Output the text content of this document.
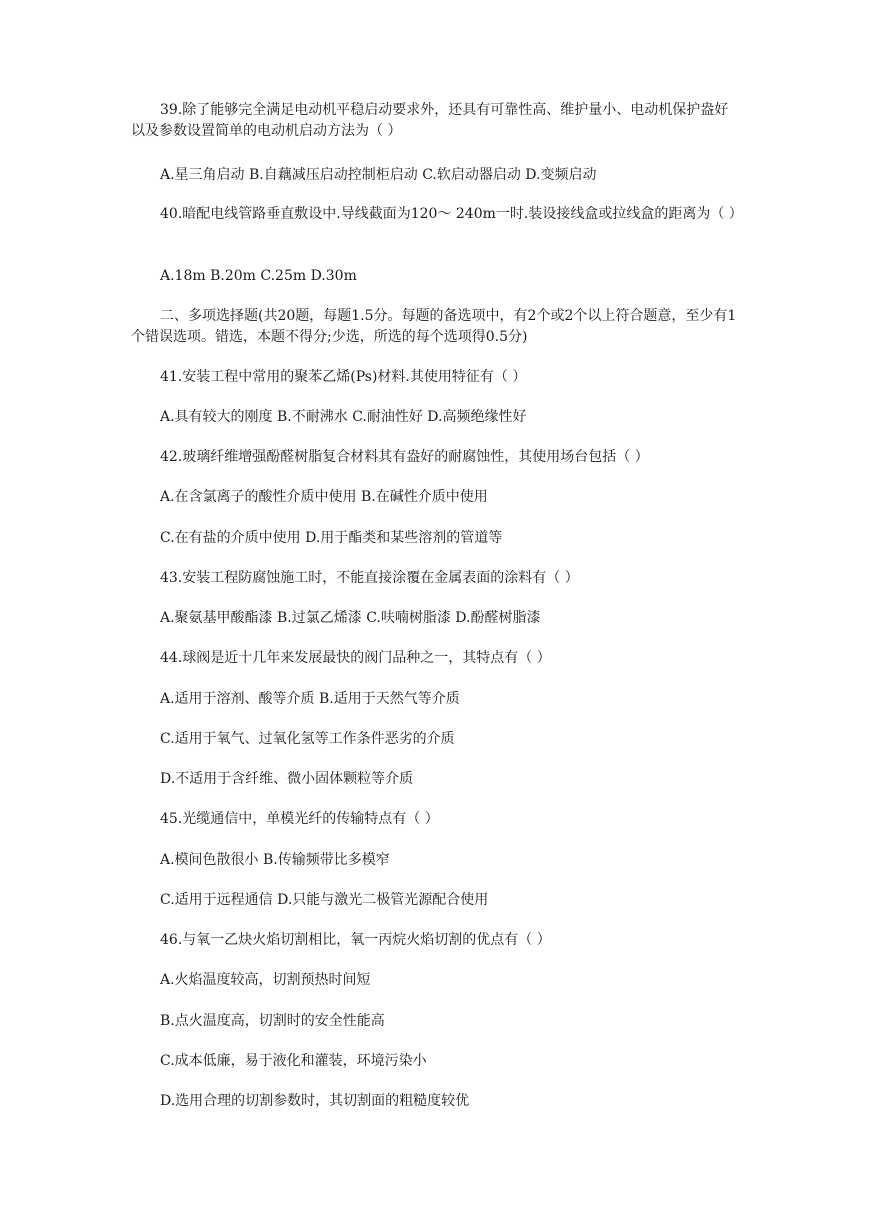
39.除了能够完全满足电动机平稳启动要求外，还具有可靠性高、维护量小、电动机保护盎好以及参数设置简单的电动机启动方法为（ ）
A.星三角启动 B.自藕减压启动控制柜启动 C.软启动器启动 D.变频启动
40.暗配电线管路垂直敷设中.导线截面为120～ 240m一时.装设接线盒或拉线盒的距离为（ ）
A.18m B.20m C.25m D.30m
二、多项选择题(共20题，每题1.5分。每题的备选项中，有2个或2个以上符合题意，至少有1个错误选项。错选，本题不得分;少选，所选的每个选项得0.5分)
41.安装工程中常用的聚苯乙烯(Ps)材料.其使用特征有（ ）
A.具有较大的刚度 B.不耐沸水 C.耐油性好 D.高频绝缘性好
42.玻璃纤维增强酚醛树脂复合材料其有盎好的耐腐蚀性，其使用场台包括（ ）
A.在含氯离子的酸性介质中使用 B.在碱性介质中使用
C.在有盐的介质中使用 D.用于酯类和某些溶剂的管道等
43.安装工程防腐蚀施工时，不能直接涂覆在金属表面的涂料有（ ）
A.聚氨基甲酸酯漆 B.过氯乙烯漆 C.呋喃树脂漆 D.酚醛树脂漆
44.球阀是近十几年来发展最快的阀门品种之一，其特点有（ ）
A.适用于溶剂、酸等介质 B.适用于天然气等介质
C.适用于氧气、过氧化氢等工作条件恶劣的介质
D.不适用于含纤维、微小固体颗粒等介质
45.光缆通信中，单模光纤的传输特点有（ ）
A.模间色散很小 B.传输频带比多模窄
C.适用于远程通信 D.只能与激光二极管光源配合使用
46.与氧一乙炔火焰切割相比，氧一丙烷火焰切割的优点有（ ）
A.火焰温度较高，切割预热时间短
B.点火温度高，切割时的安全性能高
C.成本低廉，易于液化和灌装，环境污染小
D.选用合理的切割参数时，其切割面的粗糙度较优
